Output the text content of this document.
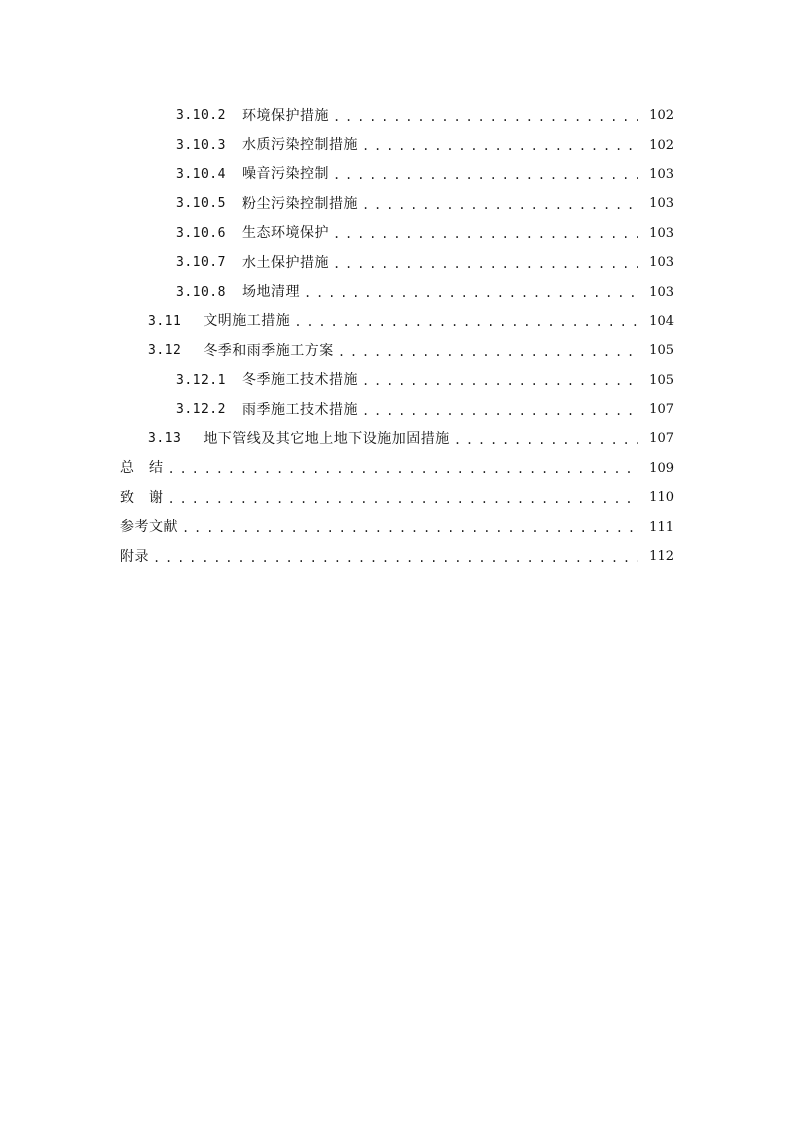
3.10.2 环境保护措施 . . .	102
3.10.3 水质污染控制措施 . . .	102
3.10.4 噪音污染控制 . . .	103
3.10.5 粉尘污染控制措施 . . .	103
3.10.6 生态环境保护 . . .	103
3.10.7 水土保护措施 . . .	103
3.10.8 场地清理 . . .	103
3.11 文明施工措施 . . .	104
3.12 冬季和雨季施工方案 . . .	105
3.12.1 冬季施工技术措施 . . .	105
3.12.2 雨季施工技术措施 . . .	107
3.13 地下管线及其它地上地下设施加固措施 . . .	107
总　结 . . .	109
致　谢 . . .	110
参考文献 . . .	111
附录 . . .	112
